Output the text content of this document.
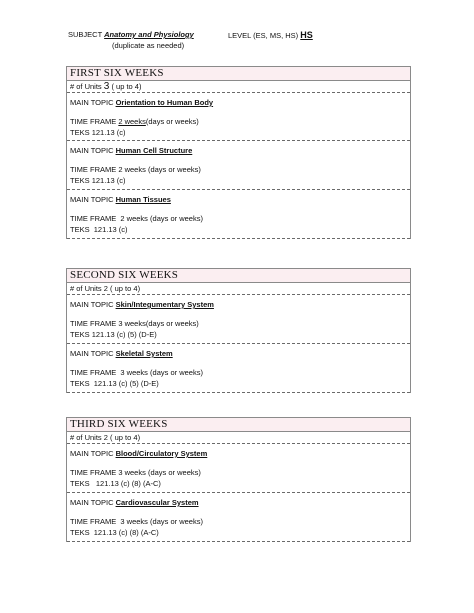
SUBJECT Anatomy and Physiology
(duplicate as needed)
LEVEL (ES, MS, HS) HS
FIRST SIX WEEKS
# of Units 3 ( up to 4)
MAIN TOPIC Orientation to Human Body
TIME FRAME 2 weeks(days or weeks)
TEKS 121.13 (c)
MAIN TOPIC Human Cell Structure
TIME FRAME 2 weeks (days or weeks)
TEKS 121.13 (c)
MAIN TOPIC Human Tissues
TIME FRAME 2 weeks (days or weeks)
TEKS 121.13 (c)
SECOND SIX WEEKS
# of Units 2 ( up to 4)
MAIN TOPIC Skin/Integumentary System
TIME FRAME 3 weeks(days or weeks)
TEKS 121.13 (c) (5) (D-E)
MAIN TOPIC Skeletal System
TIME FRAME 3 weeks (days or weeks)
TEKS 121.13 (c) (5) (D-E)
THIRD SIX WEEKS
# of Units 2 ( up to 4)
MAIN TOPIC Blood/Circulatory System
TIME FRAME 3 weeks (days or weeks)
TEKS 121.13 (c) (8) (A-C)
MAIN TOPIC Cardiovascular System
TIME FRAME 3 weeks (days or weeks)
TEKS 121.13 (c) (8) (A-C)
